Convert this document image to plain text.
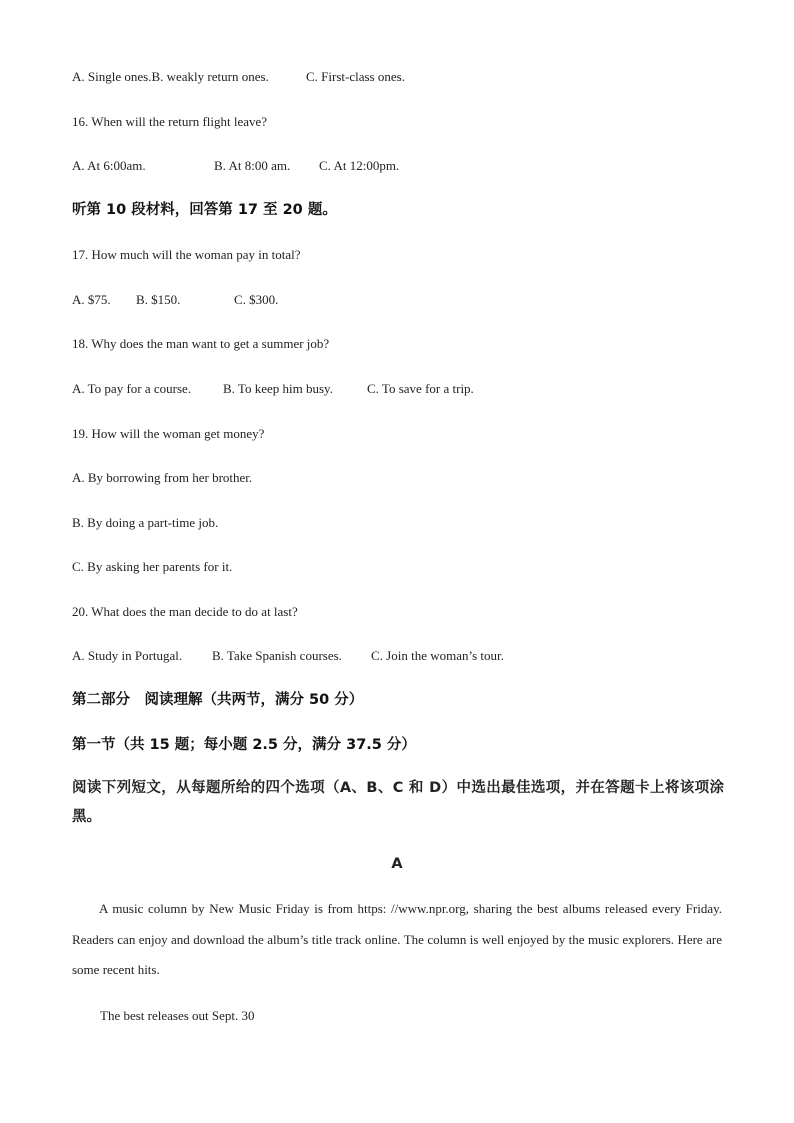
A. Single ones.B. weakly return ones.	C. First-class ones.
16. When will the return flight leave?
A. At 6:00am.	B. At 8:00 am. C. At 12:00pm.
听第 10 段材料，回答第 17 至 20 题。
17. How much will the woman pay in total?
A. $75. B. $150.	C. $300.
18. Why does the man want to get a summer job?
A. To pay for a course. B. To keep him busy.	C. To save for a trip.
19. How will the woman get money?
A. By borrowing from her brother.
B. By doing a part-time job.
C. By asking her parents for it.
20. What does the man decide to do at last?
A. Study in Portugal. B. Take Spanish courses. C. Join the woman’s tour.
第二部分　阅读理解（共两节，满分 50 分）
第一节（共 15 题；每小题 2.5 分，满分 37.5 分）
阅读下列短文，从每题所给的四个选项（A、B、C 和 D）中选出最佳选项，并在答题卡上将该项涂黑。
A
A music column by New Music Friday is from https: //www.npr.org, sharing the best albums released every Friday. Readers can enjoy and download the album’s title track online. The column is well enjoyed by the music explorers. Here are some recent hits.
The best releases out Sept. 30
